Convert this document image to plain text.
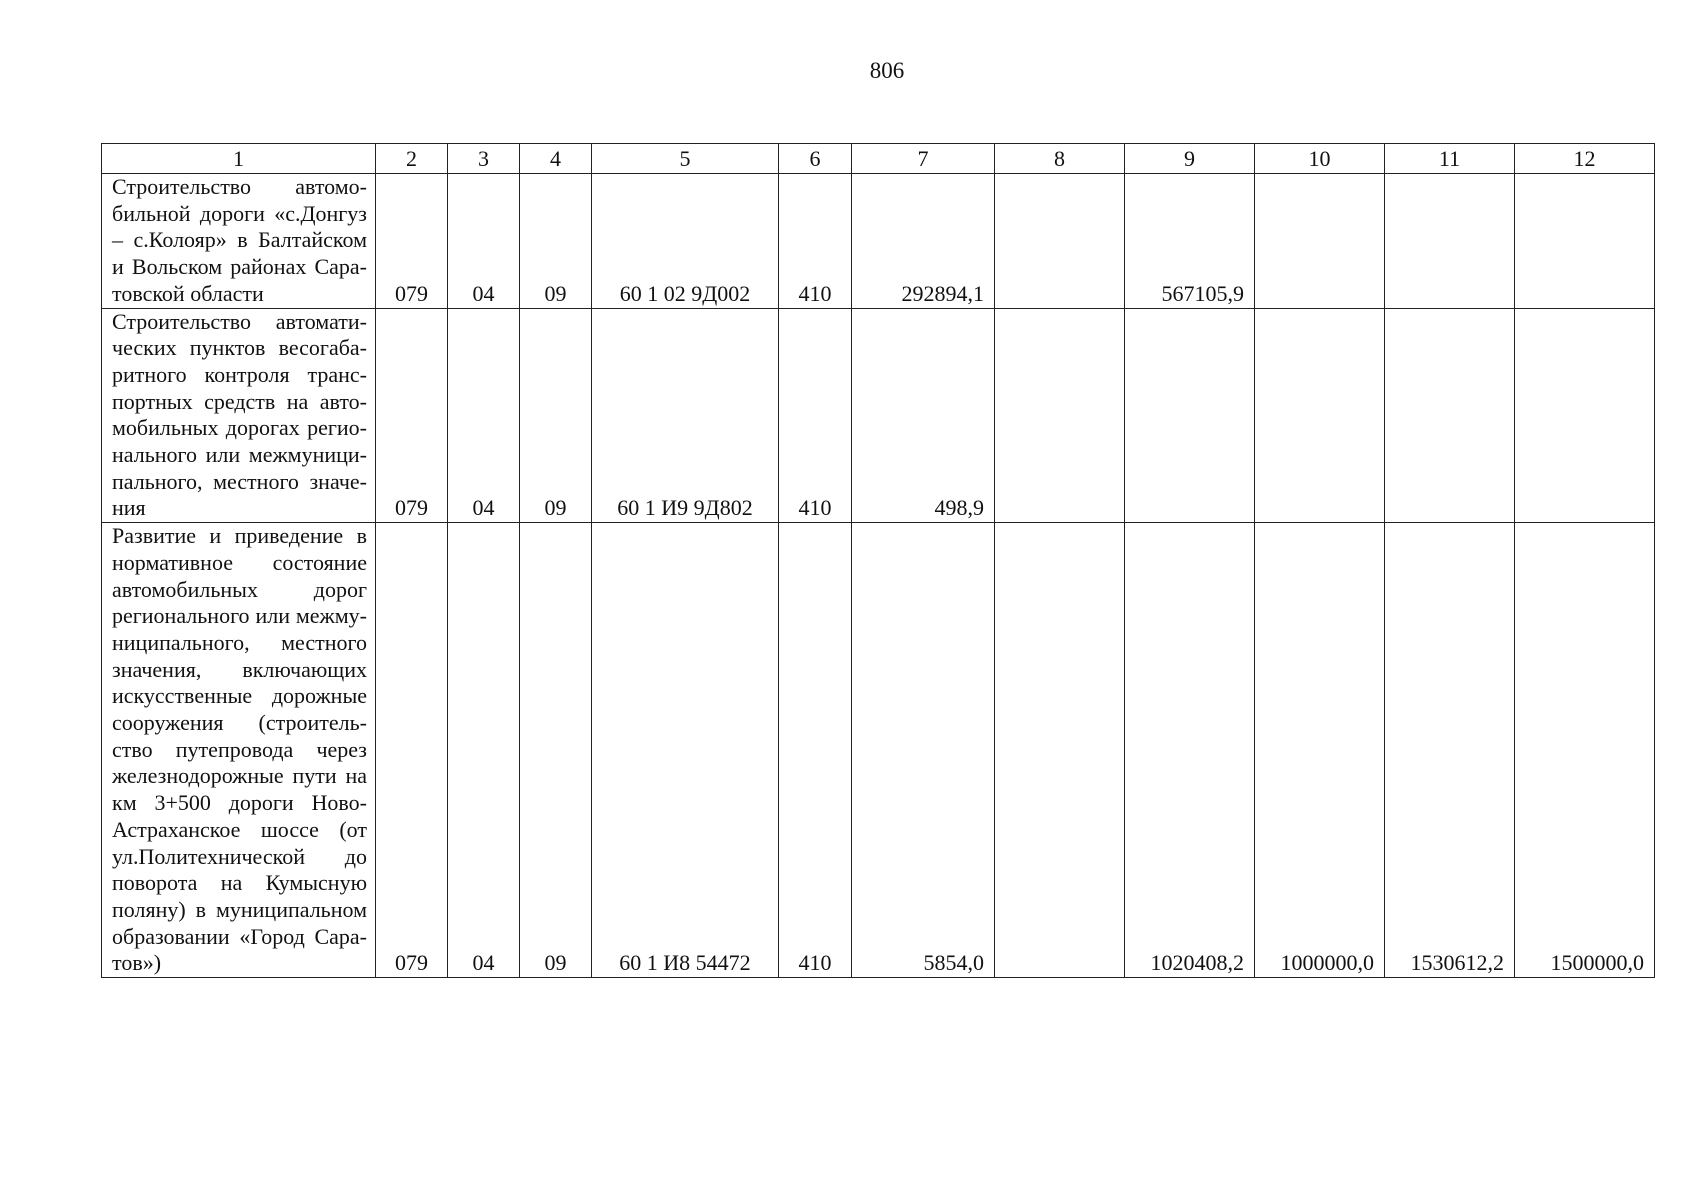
806
1	2	3	4	5	6	7	8	9	10	11	12
Строительство автомобильной дороги «с.Донгуз – с.Колояр» в Балтайском и Вольском районах Саратовской области	079	04	09	60 1 02 9Д002	410	292894,1		567105,9			
Строительство автоматических пунктов весогабаритного контроля транспортных средств на автомобильных дорогах регионального или межмуниципального, местного значения	079	04	09	60 1 И9 9Д802	410	498,9					
Развитие и приведение в нормативное состояние автомобильных дорог регионального или межмуниципального, местного значения, включающих искусственные дорожные сооружения (строительство путепровода через железнодорожные пути на км 3+500 дороги Ново-Астраханское шоссе (от ул.Политехнической до поворота на Кумысную поляну) в муниципальном образовании «Город Саратов»)	079	04	09	60 1 И8 54472	410	5854,0		1020408,2	1000000,0	1530612,2	1500000,0
